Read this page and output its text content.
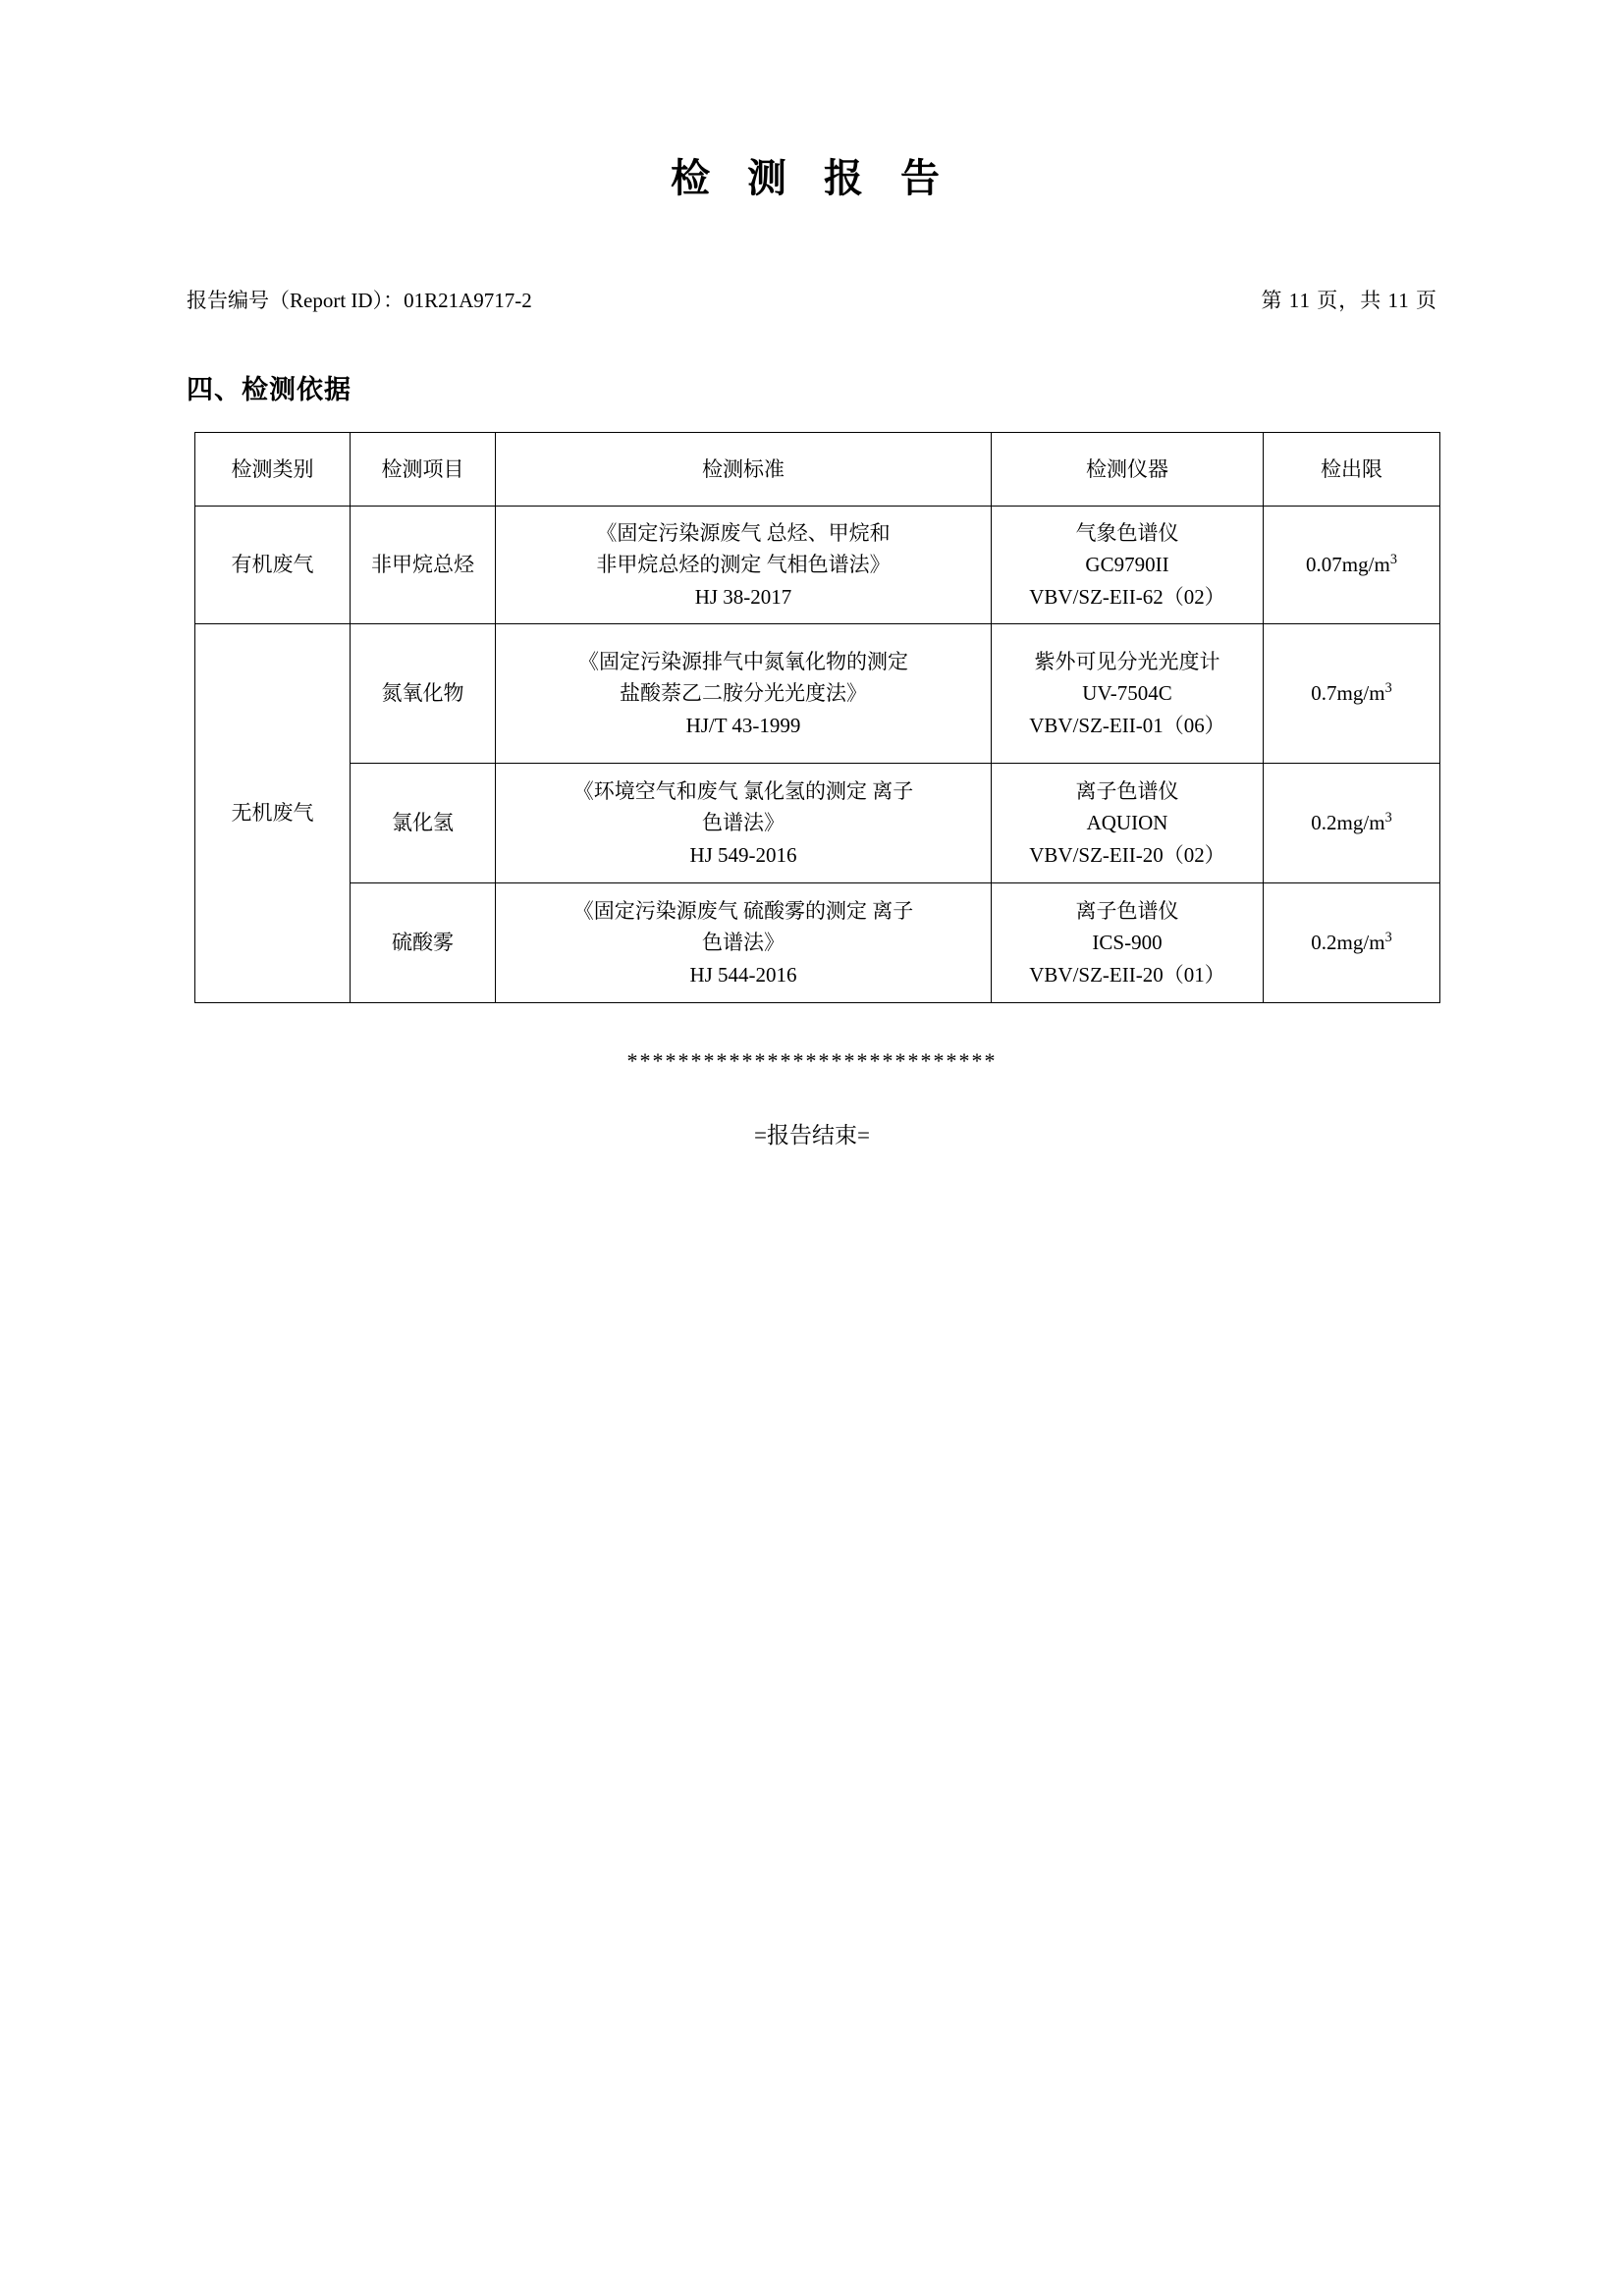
检 测 报 告
报告编号（Report ID）：01R21A9717-2	第 11 页，共 11 页
四、检测依据
检测类别	检测项目	检测标准	检测仪器	检出限
有机废气	非甲烷总烃	《固定污染源废气 总烃、甲烷和
非甲烷总烃的测定 气相色谱法》
HJ 38-2017	气象色谱仪
GC9790II
VBV/SZ-EII-62（02）	$0.07mg/m^3$
无机废气	氮氧化物	《固定污染源排气中氮氧化物的测定
盐酸萘乙二胺分光光度法》
HJ/T 43-1999	紫外可见分光光度计
UV-7504C
VBV/SZ-EII-01（06）	$0.7mg/m^3$
	氯化氢	《环境空气和废气 氯化氢的测定 离子
色谱法》
HJ 549-2016	离子色谱仪
AQUION
VBV/SZ-EII-20（02）	$0.2mg/m^3$
	硫酸雾	《固定污染源废气 硫酸雾的测定 离子
色谱法》
HJ 544-2016	离子色谱仪
ICS-900
VBV/SZ-EII-20（01）	$0.2mg/m^3$
*****************************
=报告结束=
